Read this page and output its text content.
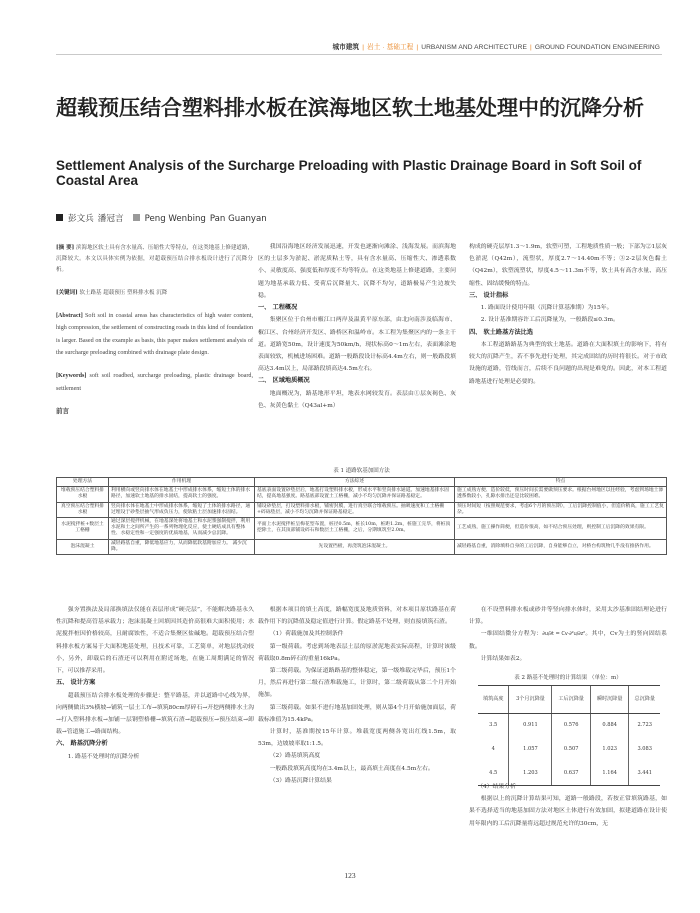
城市建筑 | 岩土 · 基础工程 | URBANISM AND ARCHITECTURE | GROUND FOUNDATION ENGINEERING
超载预压结合塑料排水板在滨海地区软土地基处理中的沉降分析
Settlement Analysis of the Surcharge Preloading with Plastic Drainage Board in Soft Soil of Coastal Area
彭文兵 潘冠言 Peng Wenbing Pan Guanyan

[摘 要] 滨海地区软土具有含水量高、压缩性大等特点，在这类地基上修建道路，沉降较大。本文以具体实例为依据，对超载预压结合排水板设计进行了沉降分析。

[关键词] 软土路基 超载预压 塑料排水板 沉降

[Abstract] Soft soil in coastal areas has characteristics of high water content, high compression, the settlement of constructing roads in this kind of foundation is larger. Based on the example as basis, this paper makes settlement analysis of the surcharge preloading combined with drainage plate design.

[Keywords] soft soil roadbed, surcharge preloading, plastic drainage board, settlement

前言

我国沿海地区经济发展迅速，开发也逐渐向滩涂、浅海发展。而滨海地区的土层多为淤泥、淤泥质粘土等，具有含水量高、压缩性大、渗透系数小、灵敏度高、强度低和厚度不均等特点。在这类地基上修建道路，主要问题为地基承载力低、受荷后沉降量大、沉降不均匀，道路极易产生边坡失稳。

一、 工程概况

集聚区位于台州市椒江口两岸及温黄平原东部，由北向南涉及临海市、椒江区、台州经济开发区、路桥区和温岭市。本工程为集聚区内的一条主干道。道路宽50m，设计速度为50km/h，现状标高0～1m左右，表面滩涂地表面较软，机械进场困难。道路一般路段设计标高4.4m左右，则一般路段填高达3.4m以上，局部路段填高达4.5m左右。

二、 区域地质概况

地面概况为，路基地形平坦，地表水网较发育。表层由①层灰褐色、灰色、灰黄色黏土（Q43al+m）

构成的硬壳层厚1.3～1.9m，软塑可塑，工程地质性质一般；下部为②1层灰色淤泥（Q42m），流塑状，厚度2.7～14.40m不等；③2-2层灰色黏土（Q42m），软塑流塑状，厚度4.5～11.3m不等，软土具有高含水量、高压缩性、固结缓慢的特点。

三、 设计指标

1. 路面设计使用年限（沉降计算基准期）为15年。

2. 设计基准期容许工后沉降量为，一般路段≤0.3m。

四、 软土路基方法比选

本工程道路路基为典型的软土地基。道路在大面积填土的影响下，将有较大的沉降产生，若不事先进行处理，其完成固结的历时将很长。对于市政设施的道路，管线而言，后续不良问题的出现是难免的。因此，对本工程道路地基进行处理是必要的。

表 1 道路软基加固方法
处理方法	作用机理	方法综述	特点
堆载预压结合塑料排水板	利用横向或竖向排水体在地基土中形成排水体系，缩短土体的排水路径，加速软土地基的排水固结，提高软土的强度。	基底表面设置砂垫层后，地基打设塑料排水板，形成水平和竖向排水通道。加速地基排水固结，提高地基强度。路基底部设置土工格栅，减小不均匀沉降并保证路基稳定。	施工成熟方便、造价较低，预压时间长需要做预压要求。根据台州地区以往经验，考虑到场地土渗透系数较小，孔隙水排出还是比较困难。
真空预压结合塑料排水板	竖向排水体在地基土中形成排水体系，缩短了土体的排水路径，通过埋设于砂垫层抽气形成负压力，使软粘土层加速排水固结。	铺设砂垫层，打设塑料排水板，铺密封膜，进行真空联合堆载预压。抽吸速度和工土格栅+碎砾垫层，减小不均匀沉降并保证路基稳定。	预压时间短（按照规范要求，考虑6个月的预压期），工后沉降控制值小，但造价稍高，施工工艺复杂。
水泥搅拌桩+数层土工格栅	通过深层搅拌机械，在地基深处将地基土和水泥浆强制搅拌，利用水泥和土之间所产生的一系列物理化反应，使土硬结成具有整体性、水稳定性和一定强度的优质地基，从而减少总沉降。	平面上水泥搅拌桩呈梅花型布置，桩径0.5m，桩长10m，桩距1.2m，桩施工完毕，将桩顶挖除土，在其顶部铺设碎石和数层土工格栅，之后，分期填筑至2.0m。	工艺成熟，施工操作简便，但造价很高，如不结合预压处理，则控制工后沉降的效果有限。
泡沫混凝土	减轻路基自重，降低地基应力，从而降低软基附加应力。 减少沉降。	先设置挡板，再浇筑泡沫混凝土。	减轻路基自重，消除填料自身的工后沉降，自身能够自立，对桥台构筑物几乎没有推挤作用。

强夯置换法及局部换填法仅能在表层形成“硬壳层”，不能解决路基永久性沉降和提高管基承载力；泡沫混凝土回填因其造价高很难大面积使用；水泥搅拌桩因价格较高，且耐腐蚀性，不适合集聚区盐碱地。超载预压结合塑料排水板方案易于大面积地基处理，且技术可靠，工艺简单，对地层扰动较小，另外，卸载后的石渣还可以利用在附近场地，在施工周期满足的情况下，可以推荐采用。

五、 设计方案

超载预压结合排水板处理的步骤是：整平路基，并以道路中心线为界，向两侧做出3%横坡→铺筑一层土工布→填筑80cm厚碎石→开挖两侧排水土沟→打入塑料排水板→加铺一层钢塑格栅→填筑石渣→超载预压→预压结束→卸载→管道施工→路面结构。

六、 路基沉降分析

1. 路基不处理时的沉降分析

根据本项目的填土高度，路幅宽度及地质资料，对本项目原状路基在荷载作用下的沉降值及稳定值进行计算。假定路基不处理，则直接填筑石渣。

（1）荷载施加及其控制条件

第一级荷载。考虑到场地表层土层的原淤泥地表实际高程，计算时该级荷载取0.8m碎石的重量16kPa。

第二级荷载。为保证道路路基的整体稳定，第一级堆载完毕后，预压1个月，然后再进行第二级石渣堆载施工，计算时，第二级荷载从第二个月开始施加。

第三级荷载。如果不进行地基加固处理，则从第4个月开始施加面层，荷载标准值为15.4kPa。

计算时，基准期按15年计算。堆载宽度两侧各宽出红线1.5m，取53m，边坡坡率取1:1.5。

（2）路基填筑高度

一般路段填筑高度均在3.4m以上，最高填土高度在4.5m左右。

（3）路基沉降计算结果

在不设塑料排水板或砂井等竖向排水体时，采用太沙基准固结理论进行计算。

一维固结微分方程为：∂u/∂t = Cv·∂²u/∂z²。其中，Cv为土的竖向固结系数。

计算结果如表2。

表 2 路基不处理时的计算结果 （单位：m）
填筑高度	3个月沉降量	工后沉降量	瞬时沉降量	总沉降量
3.5	0.911	0.576	0.884	2.723
4	1.057	0.507	1.023	3.083
4.5	1.203	0.637	1.164	3.441

（4）结果分析

根据以上的沉降计算结果可知，道路一般路段，若按正常填筑路基，如果不选择适当的地基加固方法对地区土体进行有效加固，拟建道路在设计使用年限内的工后沉降量将远超过规范允许的30cm，无

123
